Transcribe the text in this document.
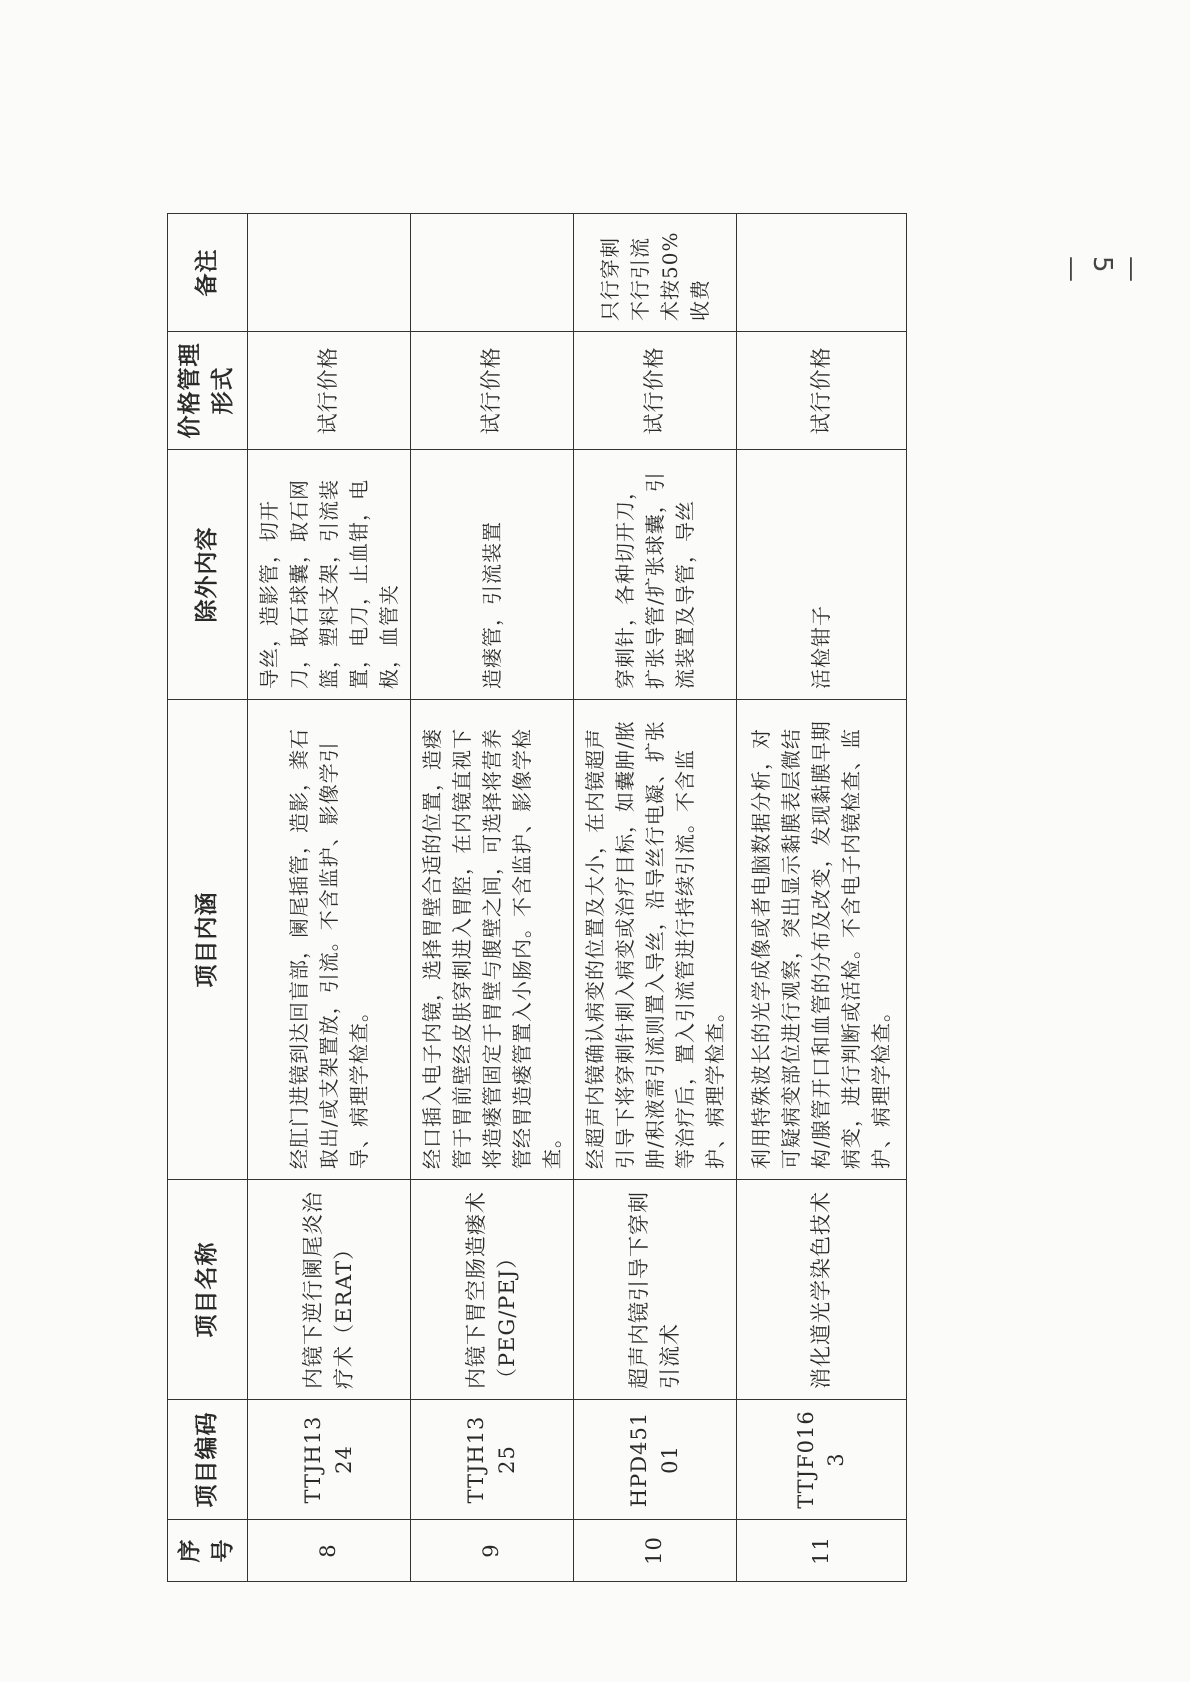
— 5 —
序号	项目编码	项目名称	项目内涵	除外内容	价格管理形式	备注
8	TTJH1324	内镜下逆行阑尾炎治疗术（ERAT）	经肛门进镜到达回盲部，阑尾插管，造影，粪石取出/或支架置放，引流。不含监护、影像学引导、病理学检查。	导丝，造影管，切开刀，取石球囊，取石网篮，塑料支架，引流装置，电刀，止血钳，电极，血管夹	试行价格	
9	TTJH1325	内镜下胃空肠造瘘术（PEG/PEJ）	经口插入电子内镜，选择胃壁合适的位置，造瘘管于胃前壁经皮肤穿刺进入胃腔，在内镜直视下将造瘘管固定于胃壁与腹壁之间，可选择将营养管经胃造瘘管置入小肠内。不含监护、影像学检查。	造瘘管，引流装置	试行价格	
10	HPD45101	超声内镜引导下穿刺引流术	经超声内镜确认病变的位置及大小，在内镜超声引导下将穿刺针刺入病变或治疗目标，如囊肿/脓肿/积液需引流则置入导丝，沿导丝行电凝、扩张等治疗后，置入引流管进行持续引流。不含监护、病理学检查。	穿刺针，各种切开刀，扩张导管/扩张球囊，引流装置及导管，导丝	试行价格	只行穿刺不行引流术按50%收费
11	TTJF0163	消化道光学染色技术	利用特殊波长的光学成像或者电脑数据分析，对可疑病变部位进行观察，突出显示黏膜表层微结构/腺管开口和血管的分布及改变，发现黏膜早期病变，进行判断或活检。不含电子内镜检查、监护、病理学检查。	活检钳子	试行价格	
